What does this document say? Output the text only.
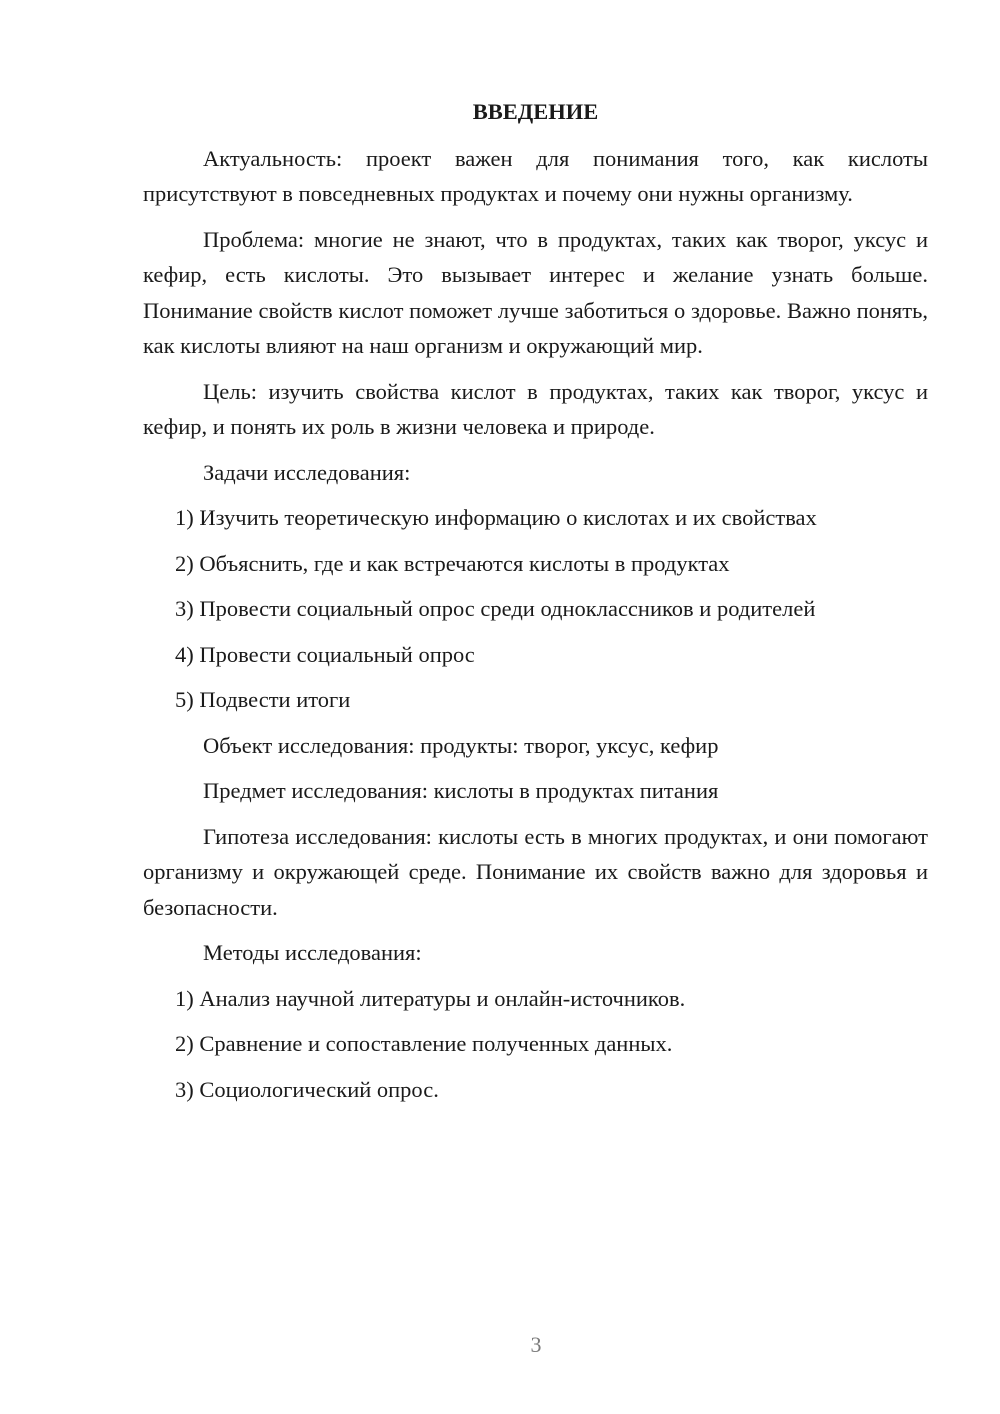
ВВЕДЕНИЕ
Актуальность: проект важен для понимания того, как кислоты присутствуют в повседневных продуктах и почему они нужны организму.
Проблема: многие не знают, что в продуктах, таких как творог, уксус и кефир, есть кислоты. Это вызывает интерес и желание узнать больше. Понимание свойств кислот поможет лучше заботиться о здоровье. Важно понять, как кислоты влияют на наш организм и окружающий мир.
Цель: изучить свойства кислот в продуктах, таких как творог, уксус и кефир, и понять их роль в жизни человека и природе.
Задачи исследования:
1) Изучить теоретическую информацию о кислотах и их свойствах
2) Объяснить, где и как встречаются кислоты в продуктах
3) Провести социальный опрос среди одноклассников и родителей
4) Провести социальный опрос
5) Подвести итоги
Объект исследования: продукты: творог, уксус, кефир
Предмет исследования: кислоты в продуктах питания
Гипотеза исследования: кислоты есть в многих продуктах, и они помогают организму и окружающей среде. Понимание их свойств важно для здоровья и безопасности.
Методы исследования:
1) Анализ научной литературы и онлайн-источников.
2) Сравнение и сопоставление полученных данных.
3) Социологический опрос.
3
